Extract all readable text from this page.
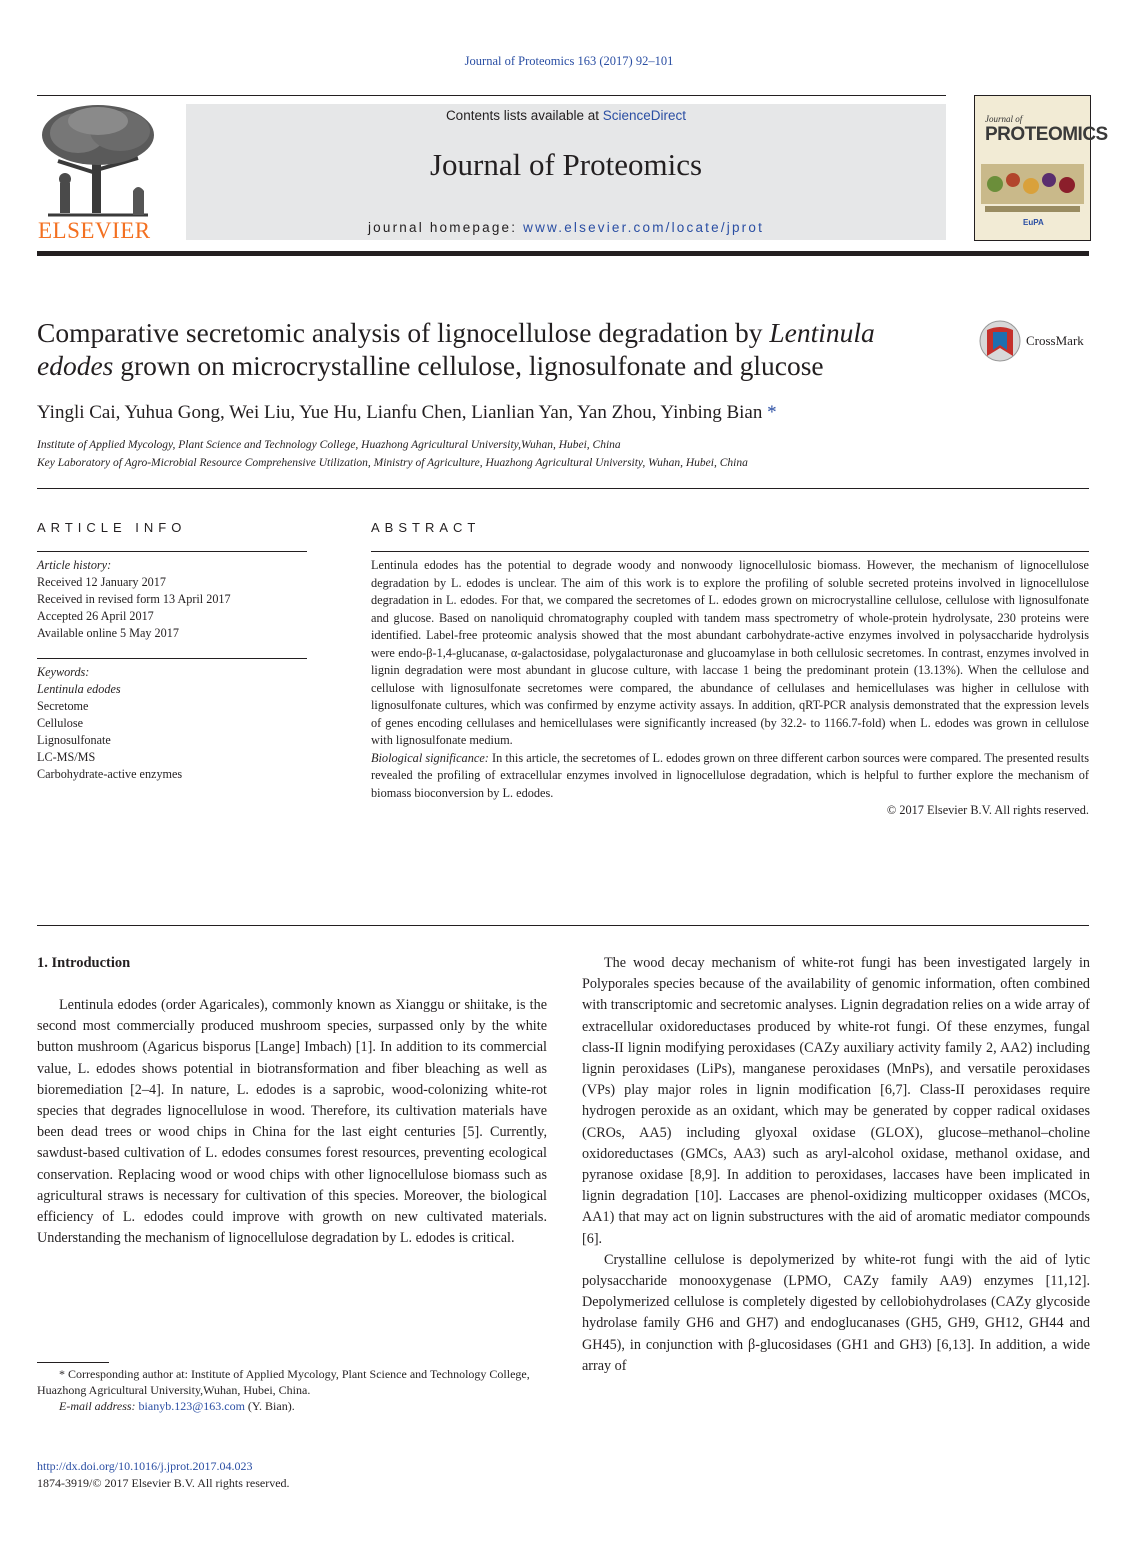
Journal of Proteomics 163 (2017) 92–101
ELSEVIER
Contents lists available at ScienceDirect
Journal of Proteomics
journal homepage: www.elsevier.com/locate/jprot
Journal of
PROTEOMICS
EuPA
Comparative secretomic analysis of lignocellulose degradation by Lentinula edodes grown on microcrystalline cellulose, lignosulfonate and glucose
CrossMark
Yingli Cai, Yuhua Gong, Wei Liu, Yue Hu, Lianfu Chen, Lianlian Yan, Yan Zhou, Yinbing Bian *
Institute of Applied Mycology, Plant Science and Technology College, Huazhong Agricultural University,Wuhan, Hubei, China
Key Laboratory of Agro-Microbial Resource Comprehensive Utilization, Ministry of Agriculture, Huazhong Agricultural University, Wuhan, Hubei, China
ARTICLE INFO
Article history:
Received 12 January 2017
Received in revised form 13 April 2017
Accepted 26 April 2017
Available online 5 May 2017
Keywords:
Lentinula edodes
Secretome
Cellulose
Lignosulfonate
LC-MS/MS
Carbohydrate-active enzymes
ABSTRACT
Lentinula edodes has the potential to degrade woody and nonwoody lignocellulosic biomass. However, the mechanism of lignocellulose degradation by L. edodes is unclear. The aim of this work is to explore the profiling of soluble secreted proteins involved in lignocellulose degradation in L. edodes. For that, we compared the secretomes of L. edodes grown on microcrystalline cellulose, cellulose with lignosulfonate and glucose. Based on nanoliquid chromatography coupled with tandem mass spectrometry of whole-protein hydrolysate, 230 proteins were identified. Label-free proteomic analysis showed that the most abundant carbohydrate-active enzymes involved in polysaccharide hydrolysis were endo-β-1,4-glucanase, α-galactosidase, polygalacturonase and glucoamylase in both cellulosic secretomes. In contrast, enzymes involved in lignin degradation were most abundant in glucose culture, with laccase 1 being the predominant protein (13.13%). When the cellulose and cellulose with lignosulfonate secretomes were compared, the abundance of cellulases and hemicellulases was higher in cellulose with lignosulfonate cultures, which was confirmed by enzyme activity assays. In addition, qRT-PCR analysis demonstrated that the expression levels of genes encoding cellulases and hemicellulases were significantly increased (by 32.2- to 1166.7-fold) when L. edodes was grown in cellulose with lignosulfonate medium.
Biological significance: In this article, the secretomes of L. edodes grown on three different carbon sources were compared. The presented results revealed the profiling of extracellular enzymes involved in lignocellulose degradation, which is helpful to further explore the mechanism of biomass bioconversion by L. edodes.
© 2017 Elsevier B.V. All rights reserved.
1. Introduction

Lentinula edodes (order Agaricales), commonly known as Xianggu or shiitake, is the second most commercially produced mushroom species, surpassed only by the white button mushroom (Agaricus bisporus [Lange] Imbach) [1]. In addition to its commercial value, L. edodes shows potential in biotransformation and fiber bleaching as well as bioremediation [2–4]. In nature, L. edodes is a saprobic, wood-colonizing white-rot species that degrades lignocellulose in wood. Therefore, its cultivation materials have been dead trees or wood chips in China for the last eight centuries [5]. Currently, sawdust-based cultivation of L. edodes consumes forest resources, preventing ecological conservation. Replacing wood or wood chips with other lignocellulose biomass such as agricultural straws is necessary for cultivation of this species. Moreover, the biological efficiency of L. edodes could improve with growth on new cultivated materials. Understanding the mechanism of lignocellulose degradation by L. edodes is critical.

The wood decay mechanism of white-rot fungi has been investigated largely in Polyporales species because of the availability of genomic information, often combined with transcriptomic and secretomic analyses. Lignin degradation relies on a wide array of extracellular oxidoreductases produced by white-rot fungi. Of these enzymes, fungal class-II lignin modifying peroxidases (CAZy auxiliary activity family 2, AA2) including lignin peroxidases (LiPs), manganese peroxidases (MnPs), and versatile peroxidases (VPs) play major roles in lignin modification [6,7]. Class-II peroxidases require hydrogen peroxide as an oxidant, which may be generated by copper radical oxidases (CROs, AA5) including glyoxal oxidase (GLOX), glucose–methanol–choline oxidoreductases (GMCs, AA3) such as aryl-alcohol oxidase, methanol oxidase, and pyranose oxidase [8,9]. In addition to peroxidases, laccases have been implicated in lignin degradation [10]. Laccases are phenol-oxidizing multicopper oxidases (MCOs, AA1) that may act on lignin substructures with the aid of aromatic mediator compounds [6].

Crystalline cellulose is depolymerized by white-rot fungi with the aid of lytic polysaccharide monooxygenase (LPMO, CAZy family AA9) enzymes [11,12]. Depolymerized cellulose is completely digested by cellobiohydrolases (CAZy glycoside hydrolase family GH6 and GH7) and endoglucanases (GH5, GH9, GH12, GH44 and GH45), in conjunction with β-glucosidases (GH1 and GH3) [6,13]. In addition, a wide array of

* Corresponding author at: Institute of Applied Mycology, Plant Science and Technology College, Huazhong Agricultural University,Wuhan, Hubei, China.
E-mail address: bianyb.123@163.com (Y. Bian).
http://dx.doi.org/10.1016/j.jprot.2017.04.023
1874-3919/© 2017 Elsevier B.V. All rights reserved.
